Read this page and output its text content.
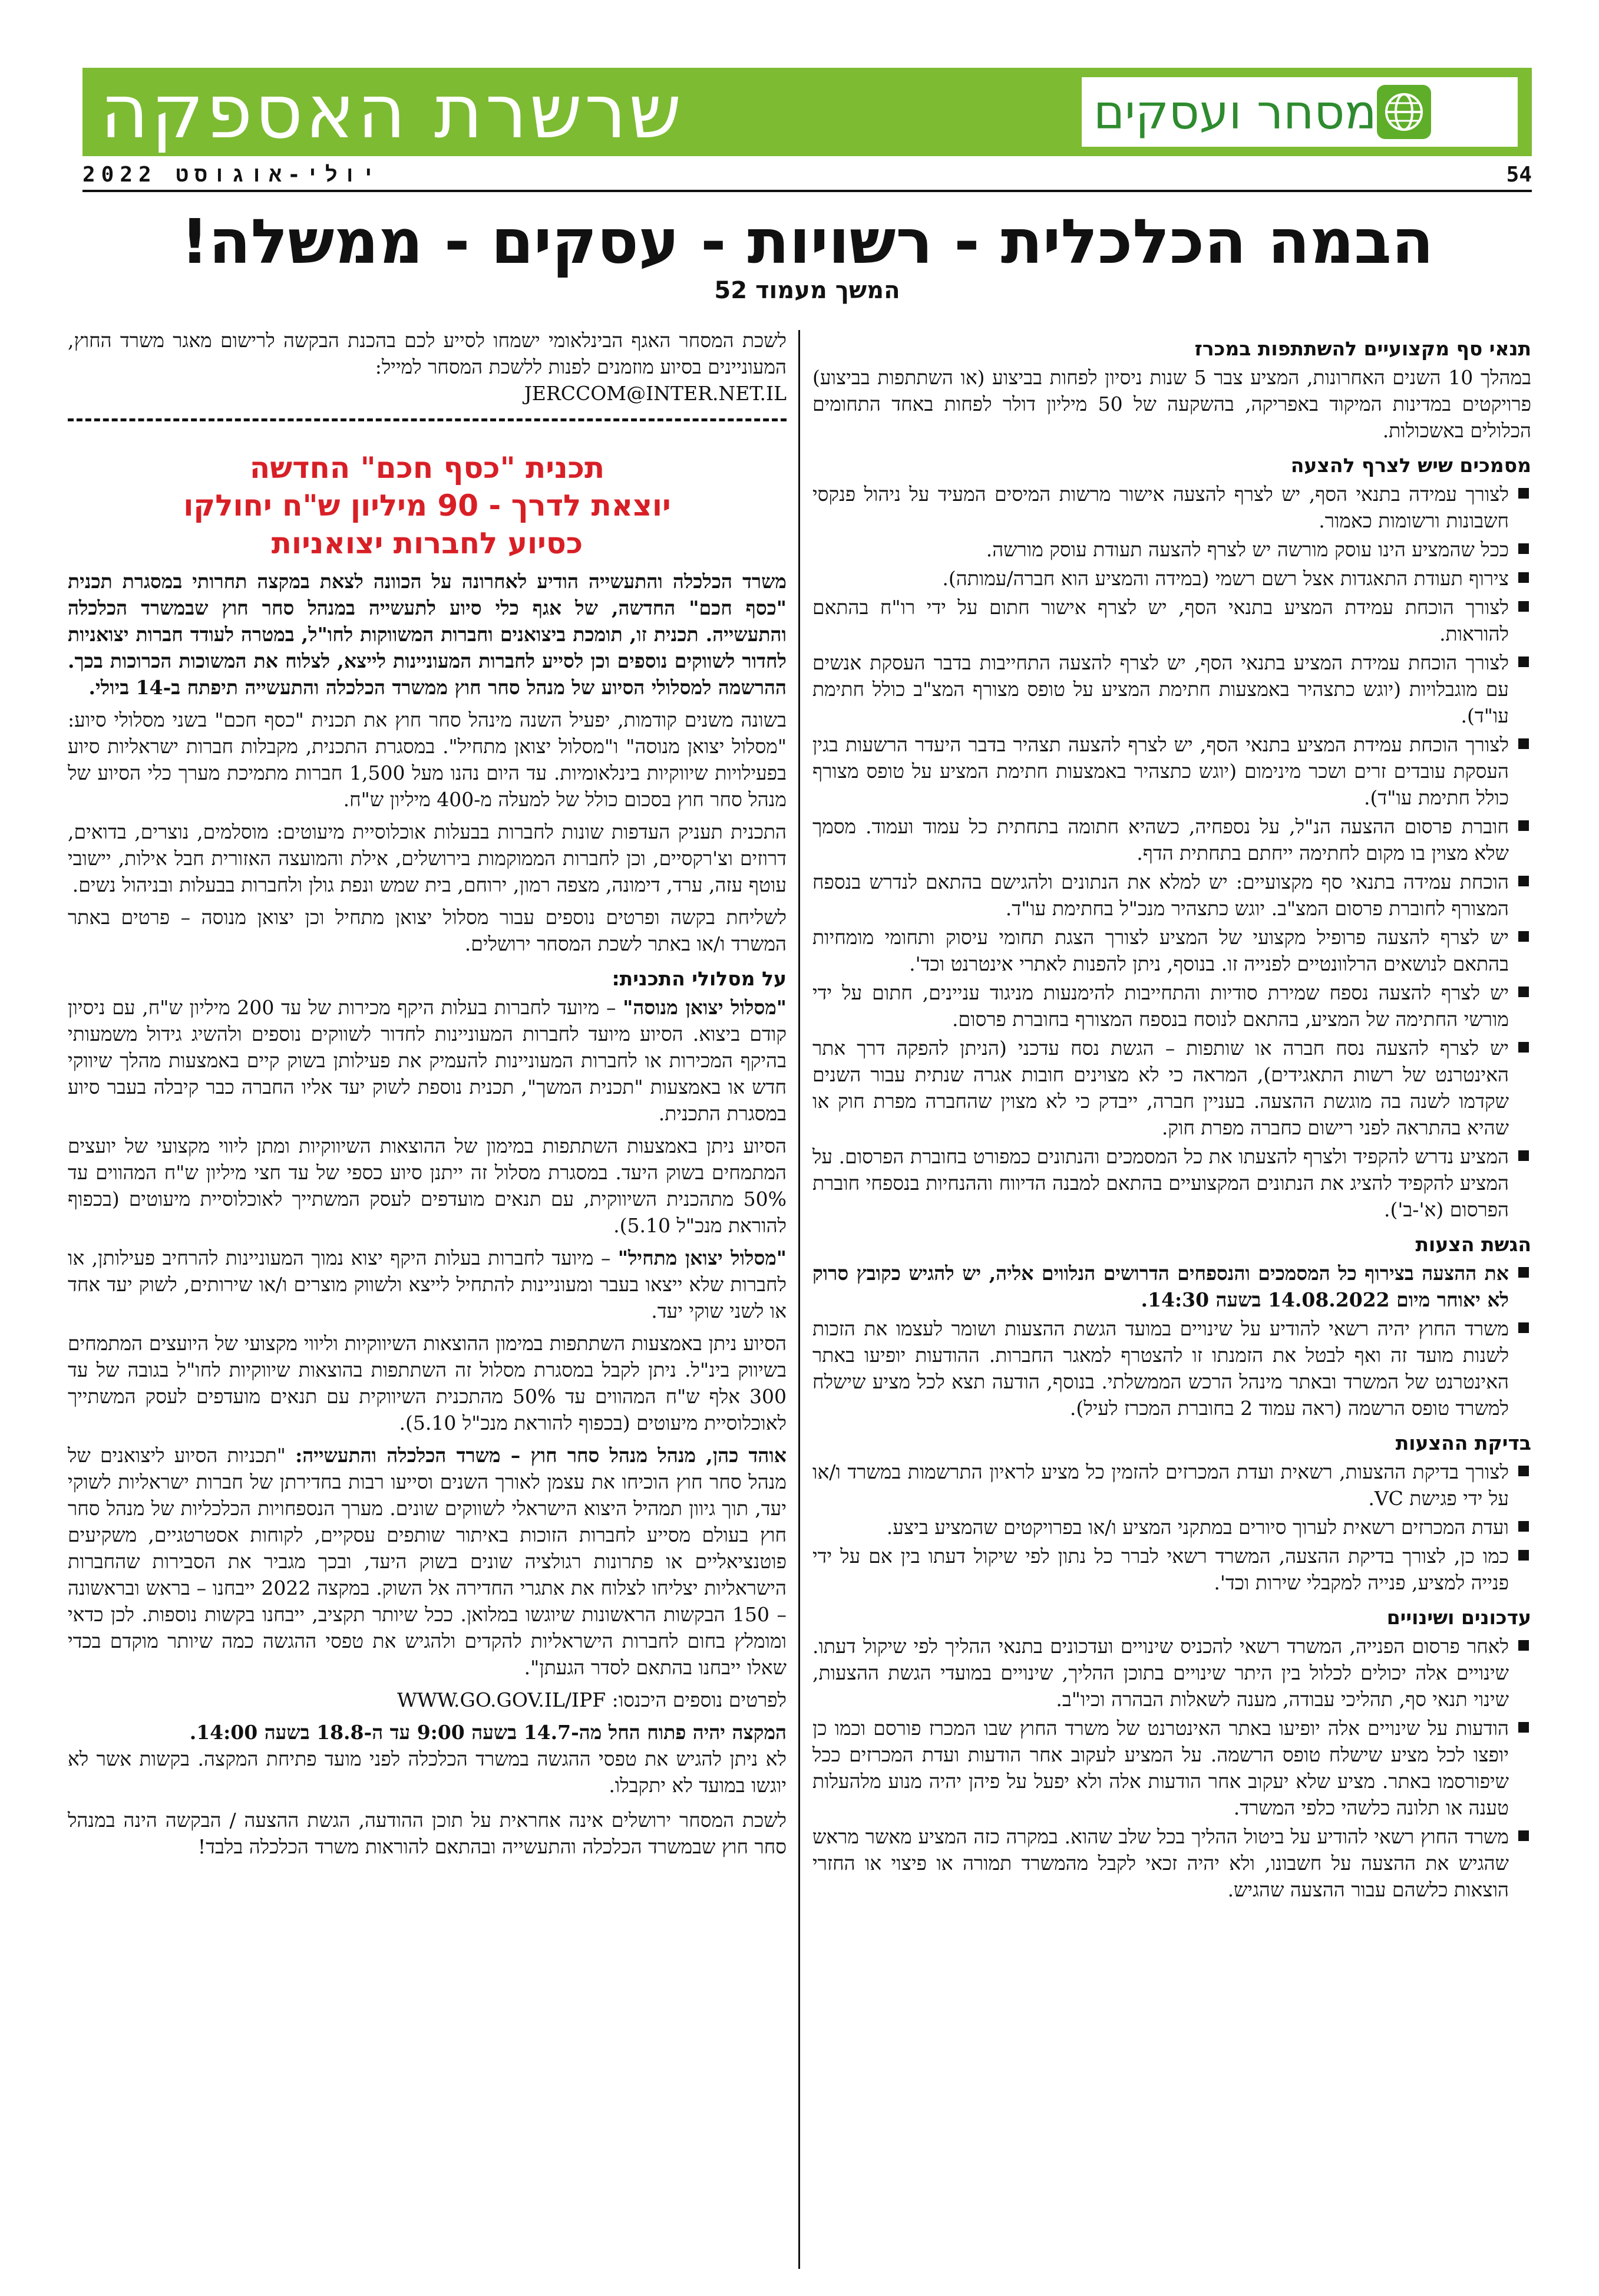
שרשרת האספקה	מסחר ועסקים
יולי-אוגוסט 2022	54
הבמה הכלכלית - רשויות - עסקים - ממשלה!
המשך מעמוד 52
תנאי סף מקצועיים להשתתפות במכרז

במהלך 10 השנים האחרונות, המציע צבר 5 שנות ניסיון לפחות בביצוע (או השתתפות בביצוע) פרויקטים במדינות המיקוד באפריקה, בהשקעה של 50 מיליון דולר לפחות באחד התחומים הכלולים באשכולות.

מסמכים שיש לצרף להצעה
לצורך עמידה בתנאי הסף, יש לצרף להצעה אישור מרשות המיסים המעיד על ניהול פנקסי חשבונות ורשומות כאמור.
ככל שהמציע הינו עוסק מורשה יש לצרף להצעה תעודת עוסק מורשה.
צירוף תעודת התאגדות אצל רשם רשמי (במידה והמציע הוא חברה/עמותה).
לצורך הוכחת עמידת המציע בתנאי הסף, יש לצרף אישור חתום על ידי רו"ח בהתאם להוראות.
לצורך הוכחת עמידת המציע בתנאי הסף, יש לצרף להצעה התחייבות בדבר העסקת אנשים עם מוגבלויות (יוגש כתצהיר באמצעות חתימת המציע על טופס מצורף המצ"ב כולל חתימת עו"ד).
לצורך הוכחת עמידת המציע בתנאי הסף, יש לצרף להצעה תצהיר בדבר היעדר הרשעות בגין העסקת עובדים זרים ושכר מינימום (יוגש כתצהיר באמצעות חתימת המציע על טופס מצורף כולל חתימת עו"ד).
חוברת פרסום ההצעה הנ"ל, על נספחיה, כשהיא חתומה בתחתית כל עמוד ועמוד. מסמך שלא מצוין בו מקום לחתימה ייחתם בתחתית הדף.
הוכחת עמידה בתנאי סף מקצועיים: יש למלא את הנתונים ולהגישם בהתאם לנדרש בנספח המצורף לחוברת פרסום המצ"ב. יוגש כתצהיר מנכ"ל בחתימת עו"ד.
יש לצרף להצעה פרופיל מקצועי של המציע לצורך הצגת תחומי עיסוק ותחומי מומחיות בהתאם לנושאים הרלוונטיים לפנייה זו. בנוסף, ניתן להפנות לאתרי אינטרנט וכד'.
יש לצרף להצעה נספח שמירת סודיות והתחייבות להימנעות מניגוד עניינים, חתום על ידי מורשי החתימה של המציע, בהתאם לנוסח בנספח המצורף בחוברת פרסום.
יש לצרף להצעה נסח חברה או שותפות – הגשת נסח עדכני (הניתן להפקה דרך אתר האינטרנט של רשות התאגידים), המראה כי לא מצוינים חובות אגרה שנתית עבור השנים שקדמו לשנה בה מוגשת ההצעה. בעניין חברה, ייבדק כי לא מצוין שהחברה מפרת חוק או שהיא בהתראה לפני רישום כחברה מפרת חוק.
המציע נדרש להקפיד ולצרף להצעתו את כל המסמכים והנתונים כמפורט בחוברת הפרסום. על המציע להקפיד להציג את הנתונים המקצועיים בהתאם למבנה הדיווח וההנחיות בנספחי חוברת הפרסום (א'-ב').
הגשת הצעות
את ההצעה בצירוף כל המסמכים והנספחים הדרושים הנלווים אליה, יש להגיש כקובץ סרוק לא יאוחר מיום 14.08.2022 בשעה 14:30.
משרד החוץ יהיה רשאי להודיע על שינויים במועד הגשת ההצעות ושומר לעצמו את הזכות לשנות מועד זה ואף לבטל את הזמנתו זו להצטרף למאגר החברות. ההודעות יופיעו באתר האינטרנט של המשרד ובאתר מינהל הרכש הממשלתי. בנוסף, הודעה תצא לכל מציע שישלח למשרד טופס הרשמה (ראה עמוד 2 בחוברת המכרז לעיל).
בדיקת ההצעות
לצורך בדיקת ההצעות, רשאית ועדת המכרזים להזמין כל מציע לראיון התרשמות במשרד ו/או על ידי פגישת VC.
ועדת המכרזים רשאית לערוך סיורים במתקני המציע ו/או בפרויקטים שהמציע ביצע.
כמו כן, לצורך בדיקת ההצעה, המשרד רשאי לברר כל נתון לפי שיקול דעתו בין אם על ידי פנייה למציע, פנייה למקבלי שירות וכד'.
עדכונים ושינויים
לאחר פרסום הפנייה, המשרד רשאי להכניס שינויים ועדכונים בתנאי ההליך לפי שיקול דעתו. שינויים אלה יכולים לכלול בין היתר שינויים בתוכן ההליך, שינויים במועדי הגשת ההצעות, שינוי תנאי סף, תהליכי עבודה, מענה לשאלות הבהרה וכיו"ב.
הודעות על שינויים אלה יופיעו באתר האינטרנט של משרד החוץ שבו המכרז פורסם וכמו כן יופצו לכל מציע שישלח טופס הרשמה. על המציע לעקוב אחר הודעות ועדת המכרזים ככל שיפורסמו באתר. מציע שלא יעקוב אחר הודעות אלה ולא יפעל על פיהן יהיה מנוע מלהעלות טענה או תלונה כלשהי כלפי המשרד.
משרד החוץ רשאי להודיע על ביטול ההליך בכל שלב שהוא. במקרה כזה המציע מאשר מראש שהגיש את ההצעה על חשבונו, ולא יהיה זכאי לקבל מהמשרד תמורה או פיצוי או החזרי הוצאות כלשהם עבור ההצעה שהגיש.

לשכת המסחר האגף הבינלאומי ישמחו לסייע לכם בהכנת הבקשה לרישום מאגר משרד החוץ, המעוניינים בסיוע מוזמנים לפנות ללשכת המסחר למייל:
JERCCOM@INTER.NET.IL

תכנית "כסף חכם" החדשה
יוצאת לדרך - 90 מיליון ש"ח יחולקו
כסיוע לחברות יצואניות

משרד הכלכלה והתעשייה הודיע לאחרונה על הכוונה לצאת במקצה תחרותי במסגרת תכנית "כסף חכם" החדשה, של אגף כלי סיוע לתעשייה במנהל סחר חוץ שבמשרד הכלכלה והתעשייה. תכנית זו, תומכת ביצואנים וחברות המשווקות לחו"ל, במטרה לעודד חברות יצואניות לחדור לשווקים נוספים וכן לסייע לחברות המעוניינות לייצא, לצלוח את המשוכות הכרוכות בכך. ההרשמה למסלולי הסיוע של מנהל סחר חוץ ממשרד הכלכלה והתעשייה תיפתח ב-14 ביולי.

בשונה משנים קודמות, יפעיל השנה מינהל סחר חוץ את תכנית "כסף חכם" בשני מסלולי סיוע: "מסלול יצואן מנוסה" ו"מסלול יצואן מתחיל". במסגרת התכנית, מקבלות חברות ישראליות סיוע בפעילויות שיווקיות בינלאומיות. עד היום נהנו מעל 1,500 חברות מתמיכת מערך כלי הסיוע של מנהל סחר חוץ בסכום כולל של למעלה מ-400 מיליון ש"ח.

התכנית תעניק העדפות שונות לחברות בבעלות אוכלוסיית מיעוטים: מוסלמים, נוצרים, בדואים, דרוזים וצ'רקסיים, וכן לחברות הממוקמות בירושלים, אילת והמועצה האזורית חבל אילות, יישובי עוטף עזה, ערד, דימונה, מצפה רמון, ירוחם, בית שמש ונפת גולן ולחברות בבעלות ובניהול נשים.

לשליחת בקשה ופרטים נוספים עבור מסלול יצואן מתחיל וכן יצואן מנוסה – פרטים באתר המשרד ו/או באתר לשכת המסחר ירושלים.

על מסלולי התכנית:

"מסלול יצואן מנוסה" – מיועד לחברות בעלות היקף מכירות של עד 200 מיליון ש"ח, עם ניסיון קודם ביצוא. הסיוע מיועד לחברות המעוניינות לחדור לשווקים נוספים ולהשיג גידול משמעותי בהיקף המכירות או לחברות המעוניינות להעמיק את פעילותן בשוק קיים באמצעות מהלך שיווקי חדש או באמצעות "תכנית המשך", תכנית נוספת לשוק יעד אליו החברה כבר קיבלה בעבר סיוע במסגרת התכנית.

הסיוע ניתן באמצעות השתתפות במימון של ההוצאות השיווקיות ומתן ליווי מקצועי של יועצים המתמחים בשוק היעד. במסגרת מסלול זה ייתנן סיוע כספי של עד חצי מיליון ש"ח המהווים עד 50% מתהכנית השיווקית, עם תנאים מועדפים לעסק המשתייך לאוכלוסיית מיעוטים (בכפוף להוראת מנכ"ל 5.10).

"מסלול יצואן מתחיל" – מיועד לחברות בעלות היקף יצוא נמוך המעוניינות להרחיב פעילותן, או לחברות שלא ייצאו בעבר ומעוניינות להתחיל לייצא ולשווק מוצרים ו/או שירותים, לשוק יעד אחד או לשני שוקי יעד.

הסיוע ניתן באמצעות השתתפות במימון ההוצאות השיווקיות וליווי מקצועי של היועצים המתמחים בשיווק בינ"ל. ניתן לקבל במסגרת מסלול זה השתתפות בהוצאות שיווקיות לחו"ל בגובה של עד 300 אלף ש"ח המהווים עד 50% מהתכנית השיווקית עם תנאים מועדפים לעסק המשתייך לאוכלוסיית מיעוטים (בכפוף להוראת מנכ"ל 5.10).

אוהד כהן, מנהל מנהל סחר חוץ – משרד הכלכלה והתעשייה: "תכניות הסיוע ליצואנים של מנהל סחר חוץ הוכיחו את עצמן לאורך השנים וסייעו רבות בחדירתן של חברות ישראליות לשוקי יעד, תוך גיוון תמהיל היצוא הישראלי לשווקים שונים. מערך הנספחויות הכלכליות של מנהל סחר חוץ בעולם מסייע לחברות הזוכות באיתור שותפים עסקיים, לקוחות אסטרטגיים, משקיעים פוטנציאליים או פתרונות רגולציה שונים בשוק היעד, ובכך מגביר את הסבירות שהחברות הישראליות יצליחו לצלוח את אתגרי החדירה אל השוק. במקצה 2022 ייבחנו – בראש ובראשונה – 150 הבקשות הראשונות שיוגשו במלואן. ככל שיותר תקציב, ייבחנו בקשות נוספות. לכן כדאי ומומלץ בחום לחברות הישראליות להקדים ולהגיש את טפסי ההגשה כמה שיותר מוקדם בכדי שאלו ייבחנו בהתאם לסדר הגעתן".

לפרטים נוספים היכנסו: WWW.GO.GOV.IL/IPF

המקצה יהיה פתוח החל מה-14.7 בשעה 9:00 עד ה-18.8 בשעה 14:00.

לא ניתן להגיש את טפסי ההגשה במשרד הכלכלה לפני מועד פתיחת המקצה. בקשות אשר לא יוגשו במועד לא יתקבלו.

לשכת המסחר ירושלים אינה אחראית על תוכן ההודעה, הגשת ההצעה / הבקשה הינה במנהל סחר חוץ שבמשרד הכלכלה והתעשייה ובהתאם להוראות משרד הכלכלה בלבד!
